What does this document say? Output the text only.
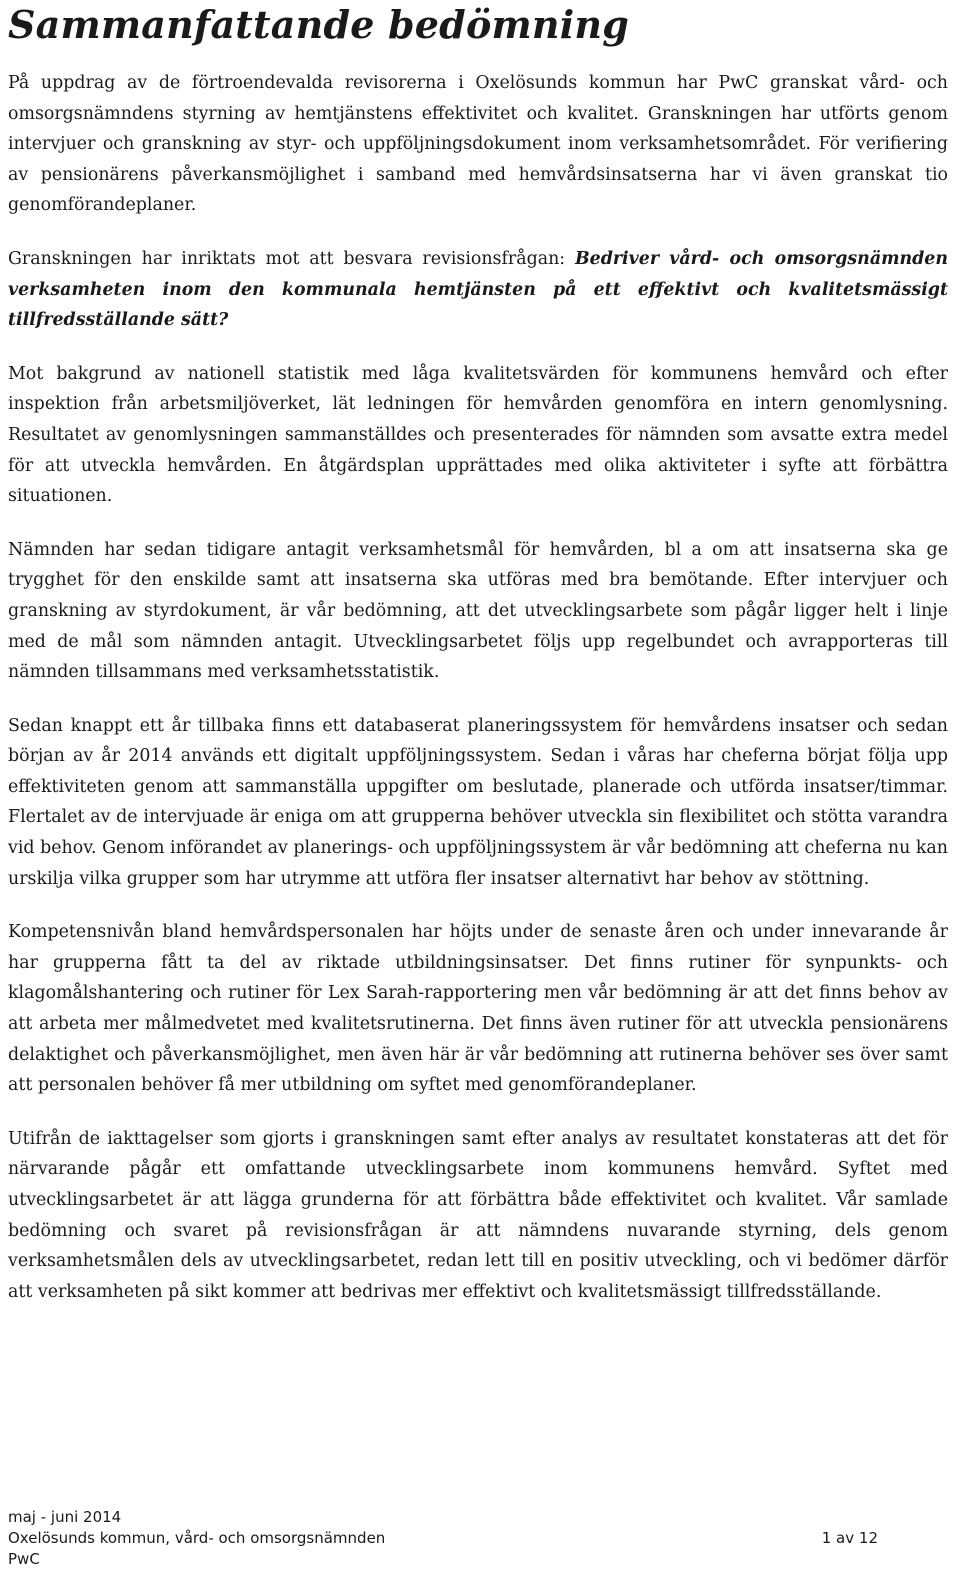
Sammanfattande bedömning

På uppdrag av de förtroendevalda revisorerna i Oxelösunds kommun har PwC granskat vård- och omsorgsnämndens styrning av hemtjänstens effektivitet och kvalitet. Granskningen har utförts genom intervjuer och granskning av styr- och uppföljningsdokument inom verksamhetsområdet. För verifiering av pensionärens påverkansmöjlighet i samband med hemvårdsinsatserna har vi även granskat tio genomförandeplaner.

Granskningen har inriktats mot att besvara revisionsfrågan: Bedriver vård- och omsorgsnämnden verksamheten inom den kommunala hemtjänsten på ett effektivt och kvalitetsmässigt tillfredsställande sätt?

Mot bakgrund av nationell statistik med låga kvalitetsvärden för kommunens hemvård och efter inspektion från arbetsmiljöverket, lät ledningen för hemvården genomföra en intern genomlysning. Resultatet av genomlysningen sammanställdes och presenterades för nämnden som avsatte extra medel för att utveckla hemvården. En åtgärdsplan upprättades med olika aktiviteter i syfte att förbättra situationen.

Nämnden har sedan tidigare antagit verksamhetsmål för hemvården, bl a om att insatserna ska ge trygghet för den enskilde samt att insatserna ska utföras med bra bemötande. Efter intervjuer och granskning av styrdokument, är vår bedömning, att det utvecklingsarbete som pågår ligger helt i linje med de mål som nämnden antagit. Utvecklingsarbetet följs upp regelbundet och avrapporteras till nämnden tillsammans med verksamhetsstatistik.

Sedan knappt ett år tillbaka finns ett databaserat planeringssystem för hemvårdens insatser och sedan början av år 2014 används ett digitalt uppföljningssystem. Sedan i våras har cheferna börjat följa upp effektiviteten genom att sammanställa uppgifter om beslutade, planerade och utförda insatser/timmar. Flertalet av de intervjuade är eniga om att grupperna behöver utveckla sin flexibilitet och stötta varandra vid behov. Genom införandet av planerings- och uppföljningssystem är vår bedömning att cheferna nu kan urskilja vilka grupper som har utrymme att utföra fler insatser alternativt har behov av stöttning.

Kompetensnivån bland hemvårdspersonalen har höjts under de senaste åren och under innevarande år har grupperna fått ta del av riktade utbildningsinsatser. Det finns rutiner för synpunkts- och klagomålshantering och rutiner för Lex Sarah-rapportering men vår bedömning är att det finns behov av att arbeta mer målmedvetet med kvalitetsrutinerna. Det finns även rutiner för att utveckla pensionärens delaktighet och påverkansmöjlighet, men även här är vår bedömning att rutinerna behöver ses över samt att personalen behöver få mer utbildning om syftet med genomförandeplaner.

Utifrån de iakttagelser som gjorts i granskningen samt efter analys av resultatet konstateras att det för närvarande pågår ett omfattande utvecklingsarbete inom kommunens hemvård. Syftet med utvecklingsarbetet är att lägga grunderna för att förbättra både effektivitet och kvalitet. Vår samlade bedömning och svaret på revisionsfrågan är att nämndens nuvarande styrning, dels genom verksamhetsmålen dels av utvecklingsarbetet, redan lett till en positiv utveckling, och vi bedömer därför att verksamheten på sikt kommer att bedrivas mer effektivt och kvalitetsmässigt tillfredsställande.

maj - juni 2014
Oxelösunds kommun, vård- och omsorgsnämnden	1 av 12
PwC
